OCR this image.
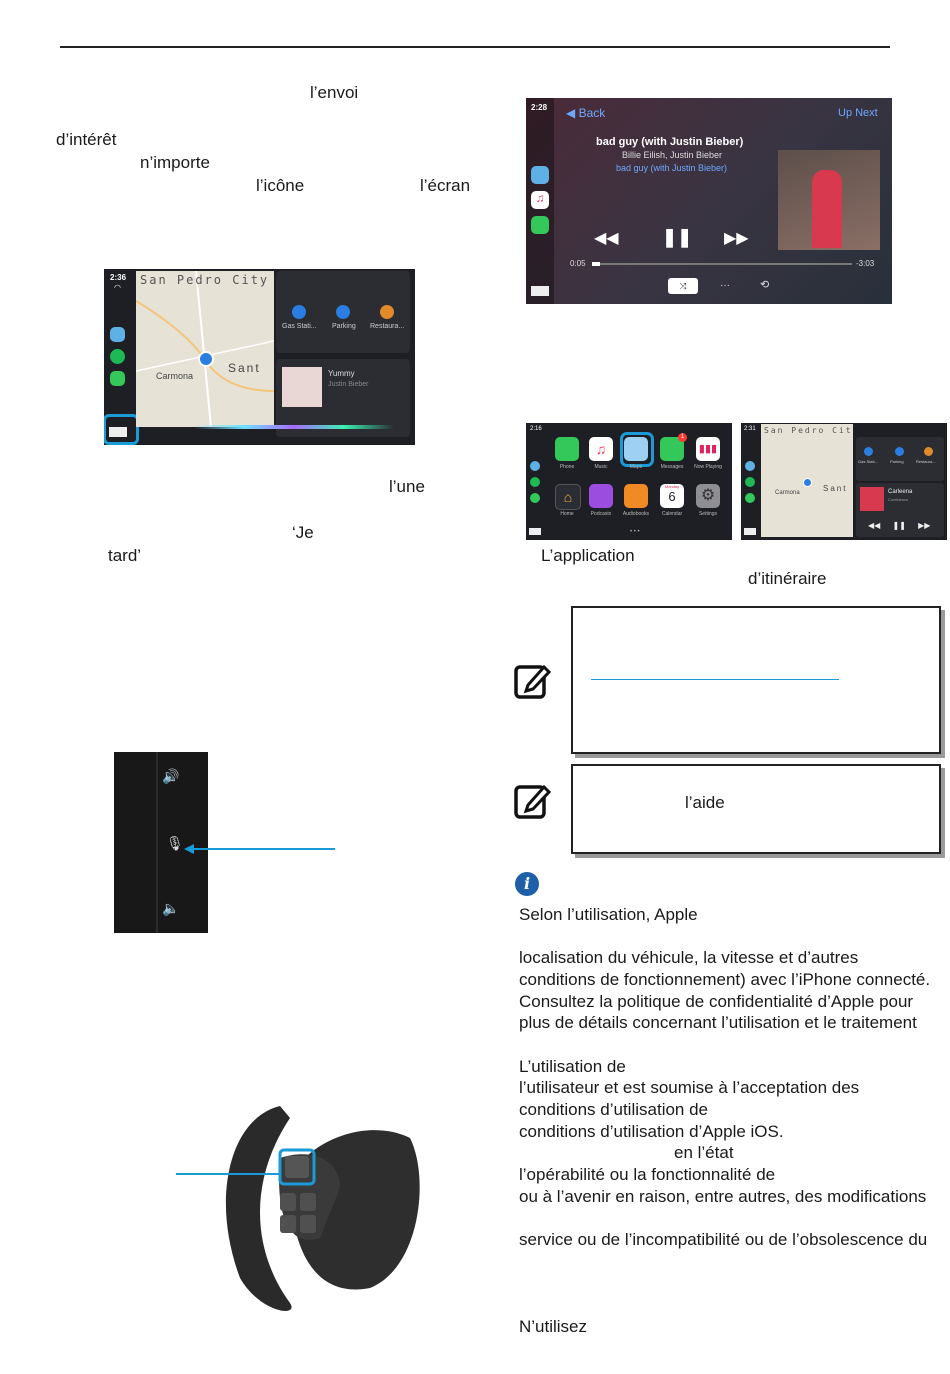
l’envoi
d’intérêt
n’importe
l’icône	l’écran
2:36
◠
San Pedro City
Carmona
Sant
Gas Stati... Parking Restaura...
Yummy
Justin Bieber
l’une
‘Je
tard’
🔊
🎙
🔈
2:28
♫
◀ Back	Up Next
bad guy (with Justin Bieber)
Billie Eilish, Justin Bieber
bad guy (with Justin Bieber)
◀◀ ❚❚ ▶▶
0:05	-3:03
⤨	···	⟲
2:16
♫
1
▮▮▮
Phone	Music	Maps	Messages	Now Playing
⌂
Monday
6	⚙
Home	Podcasts	Audiobooks	Calendar	Settings
• • •
2:31 San Pedro Cit
Carmona	Sant
Gas Stati...	Parking	Restaura...
Carleena
Confidence
◀◀ ❚❚ ▶▶
L’application
d’itinéraire
l’aide
i
Selon l’utilisation, Apple
localisation du véhicule, la vitesse et d’autres
conditions de fonctionnement) avec l’iPhone connecté.
Consultez la politique de confidentialité d’Apple pour
plus de détails concernant l’utilisation et le traitement
L’utilisation de
l’utilisateur et est soumise à l’acceptation des
conditions d’utilisation de
conditions d’utilisation d’Apple iOS.
en l’état
l’opérabilité ou la fonctionnalité de
ou à l’avenir en raison, entre autres, des modifications
service ou de l’incompatibilité ou de l’obsolescence du
N’utilisez
